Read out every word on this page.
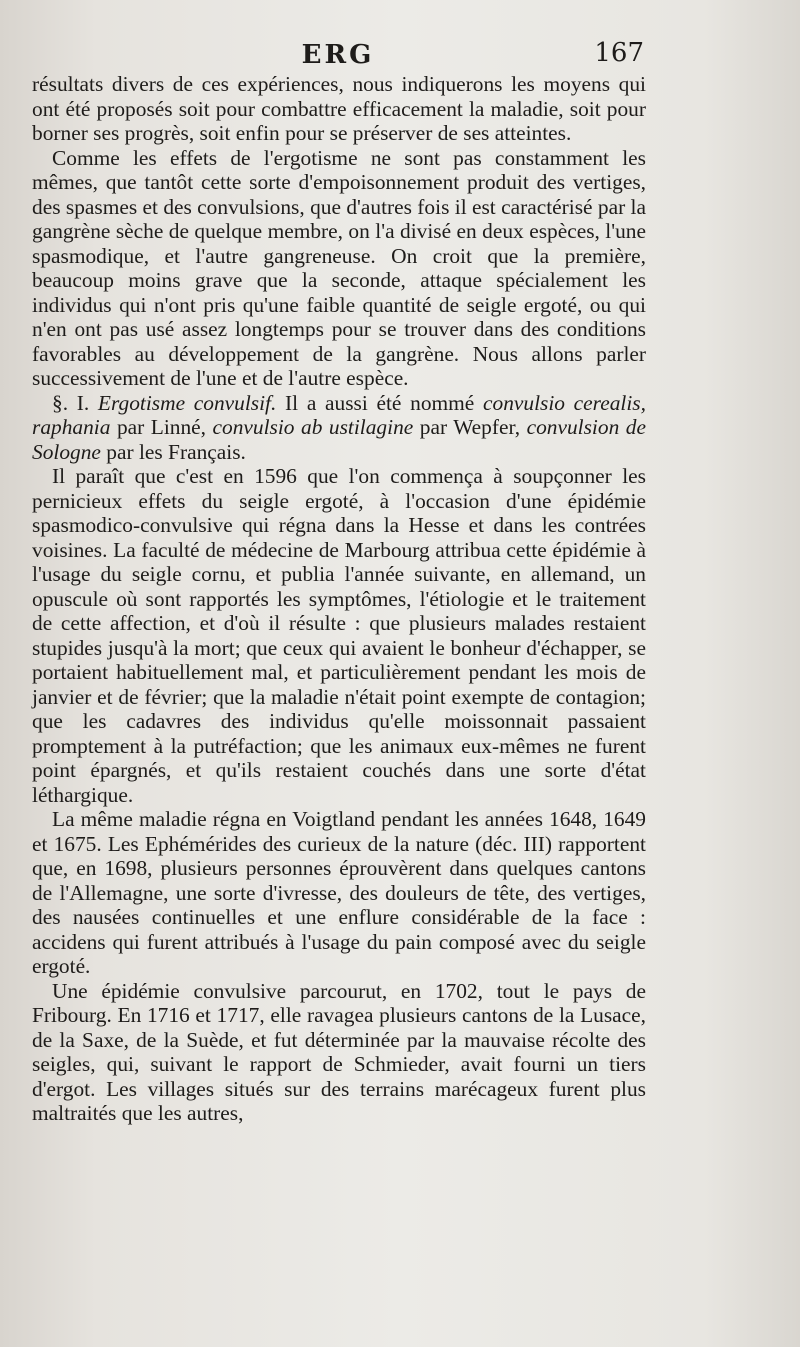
ERG	167

résultats divers de ces expériences, nous indiquerons les moyens qui ont été proposés soit pour combattre efficacement la maladie, soit pour borner ses progrès, soit enfin pour se préserver de ses atteintes.

Comme les effets de l'ergotisme ne sont pas constamment les mêmes, que tantôt cette sorte d'empoisonnement produit des vertiges, des spasmes et des convulsions, que d'autres fois il est caractérisé par la gangrène sèche de quelque membre, on l'a divisé en deux espèces, l'une spasmodique, et l'autre gangreneuse. On croit que la première, beaucoup moins grave que la seconde, attaque spécialement les individus qui n'ont pris qu'une faible quantité de seigle ergoté, ou qui n'en ont pas usé assez longtemps pour se trouver dans des conditions favorables au développement de la gangrène. Nous allons parler successivement de l'une et de l'autre espèce.

§. I. Ergotisme convulsif. Il a aussi été nommé convulsio cerealis, raphania par Linné, convulsio ab ustilagine par Wepfer, convulsion de Sologne par les Français.

Il paraît que c'est en 1596 que l'on commença à soupçonner les pernicieux effets du seigle ergoté, à l'occasion d'une épidémie spasmodico-convulsive qui régna dans la Hesse et dans les contrées voisines. La faculté de médecine de Marbourg attribua cette épidémie à l'usage du seigle cornu, et publia l'année suivante, en allemand, un opuscule où sont rapportés les symptômes, l'étiologie et le traitement de cette affection, et d'où il résulte : que plusieurs malades restaient stupides jusqu'à la mort; que ceux qui avaient le bonheur d'échapper, se portaient habituellement mal, et particulièrement pendant les mois de janvier et de février; que la maladie n'était point exempte de contagion; que les cadavres des individus qu'elle moissonnait passaient promptement à la putréfaction; que les animaux eux-mêmes ne furent point épargnés, et qu'ils restaient couchés dans une sorte d'état léthargique.

La même maladie régna en Voigtland pendant les années 1648, 1649 et 1675. Les Ephémérides des curieux de la nature (déc. III) rapportent que, en 1698, plusieurs personnes éprouvèrent dans quelques cantons de l'Allemagne, une sorte d'ivresse, des douleurs de tête, des vertiges, des nausées continuelles et une enflure considérable de la face : accidens qui furent attribués à l'usage du pain composé avec du seigle ergoté.

Une épidémie convulsive parcourut, en 1702, tout le pays de Fribourg. En 1716 et 1717, elle ravagea plusieurs cantons de la Lusace, de la Saxe, de la Suède, et fut déterminée par la mauvaise récolte des seigles, qui, suivant le rapport de Schmieder, avait fourni un tiers d'ergot. Les villages situés sur des terrains marécageux furent plus maltraités que les autres,
